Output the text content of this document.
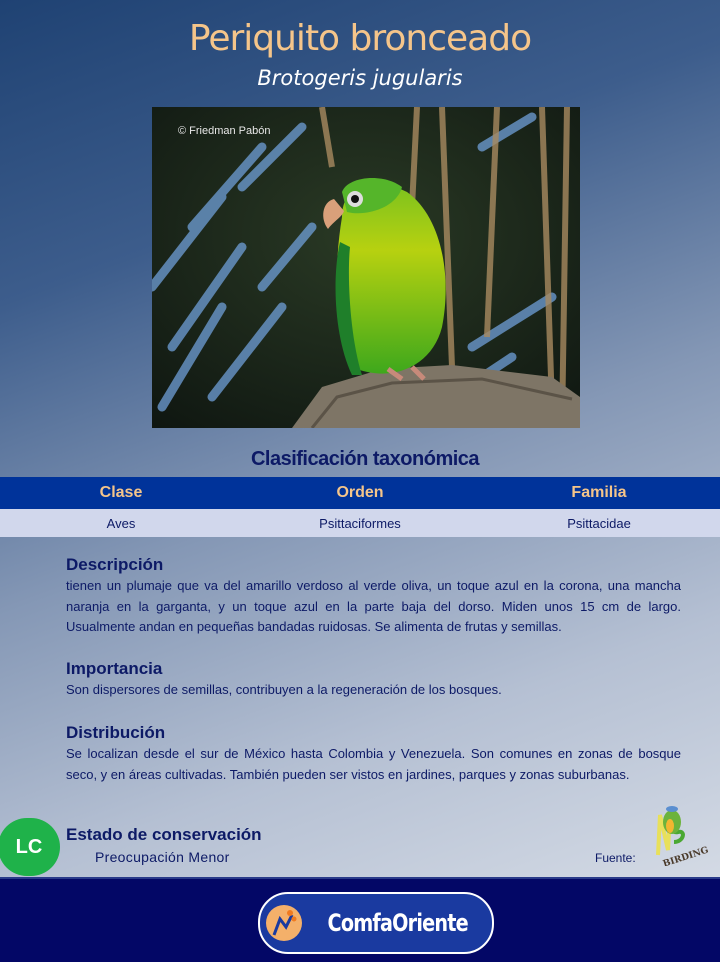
Periquito bronceado
Brotogeris jugularis
© Friedman Pabón
Clasificación taxonómica
Clase	Orden	Familia
Aves	Psittaciformes	Psittacidae
Descripción

tienen un plumaje que va del amarillo verdoso al verde oliva, un toque azul en la corona, una mancha naranja en la garganta, y un toque azul en la parte baja del dorso. Miden unos 15 cm de largo. Usualmente andan en pequeñas bandadas ruidosas. Se alimenta de frutas y semillas.

Importancia

Son dispersores de semillas, contribuyen a la regeneración de los bosques.

Distribución

Se localizan desde el sur de México hasta Colombia y Venezuela. Son comunes en zonas de bosque seco, y en áreas cultivadas. También pueden ser vistos en jardines, parques y zonas suburbanas.

LC
Estado de conservación
Preocupación Menor	Fuente:	BIRDING
ComfaOriente
